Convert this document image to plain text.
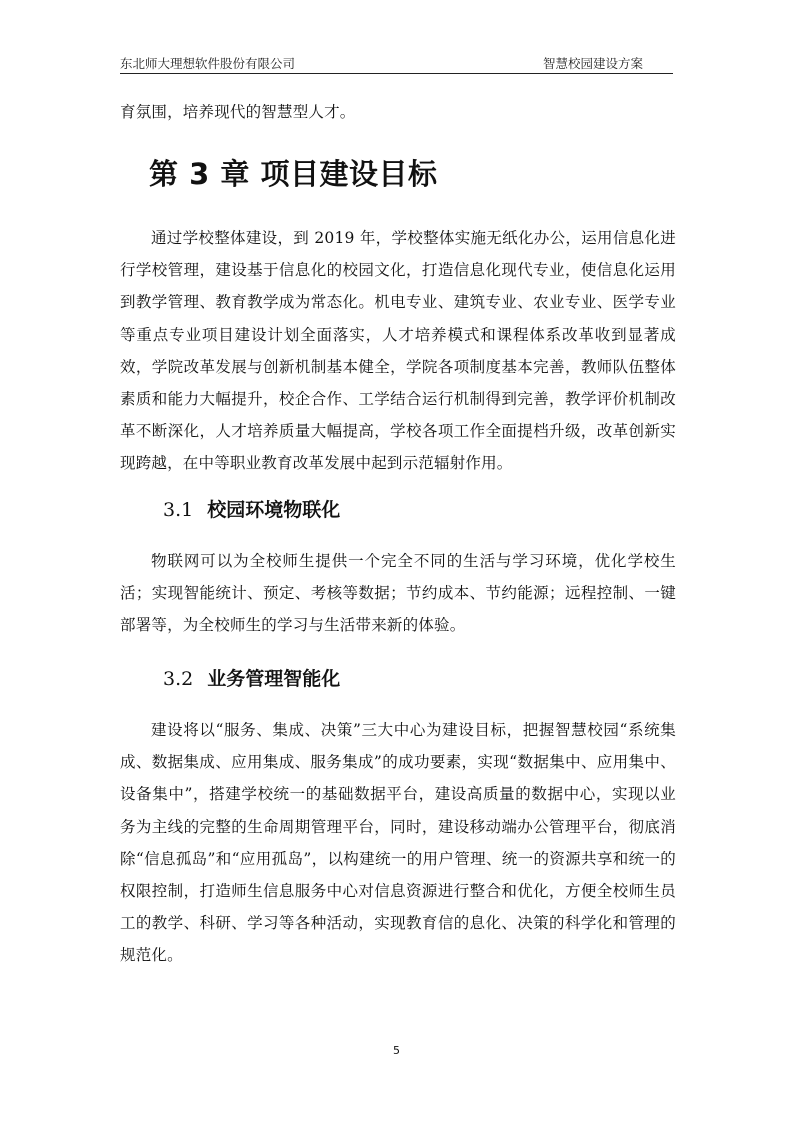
东北师大理想软件股份有限公司	智慧校园建设方案

育氛围，培养现代的智慧型人才。

第 3 章 项目建设目标

通过学校整体建设，到 2019 年，学校整体实施无纸化办公，运用信息化进行学校管理，建设基于信息化的校园文化，打造信息化现代专业，使信息化运用到教学管理、教育教学成为常态化。机电专业、建筑专业、农业专业、医学专业等重点专业项目建设计划全面落实，人才培养模式和课程体系改革收到显著成效，学院改革发展与创新机制基本健全，学院各项制度基本完善，教师队伍整体素质和能力大幅提升，校企合作、工学结合运行机制得到完善，教学评价机制改革不断深化，人才培养质量大幅提高，学校各项工作全面提档升级，改革创新实现跨越，在中等职业教育改革发展中起到示范辐射作用。

3.1 校园环境物联化

物联网可以为全校师生提供一个完全不同的生活与学习环境，优化学校生活；实现智能统计、预定、考核等数据；节约成本、节约能源；远程控制、一键部署等，为全校师生的学习与生活带来新的体验。

3.2 业务管理智能化

建设将以“服务、集成、决策”三大中心为建设目标，把握智慧校园“系统集成、数据集成、应用集成、服务集成”的成功要素，实现“数据集中、应用集中、设备集中”，搭建学校统一的基础数据平台，建设高质量的数据中心，实现以业务为主线的完整的生命周期管理平台，同时，建设移动端办公管理平台，彻底消除“信息孤岛”和“应用孤岛”，以构建统一的用户管理、统一的资源共享和统一的权限控制，打造师生信息服务中心对信息资源进行整合和优化，方便全校师生员工的教学、科研、学习等各种活动，实现教育信的息化、决策的科学化和管理的规范化。

5
